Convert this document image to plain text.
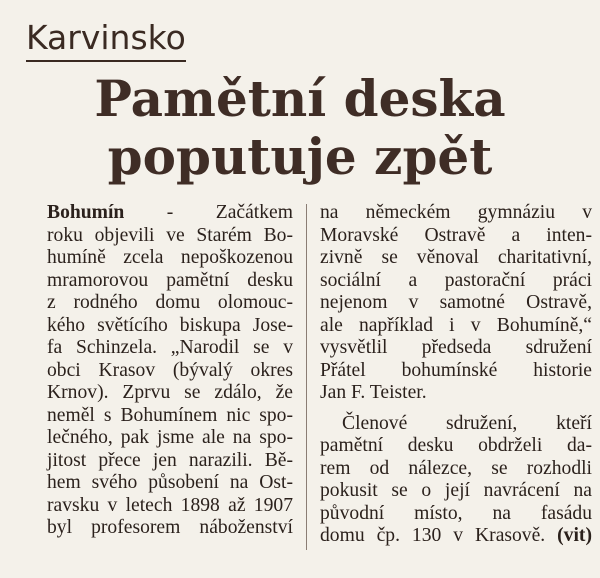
Karvinsko
Pamětní deska
poputuje zpět
Bohumín - Začátkem
roku objevili ve Starém Bo-
humíně zcela nepoškozenou
mramorovou pamětní desku
z rodného domu olomouc-
kého světícího biskupa Jose-
fa Schinzela. „Narodil se v
obci Krasov (bývalý okres
Krnov). Zprvu se zdálo, že
neměl s Bohumínem nic spo-
lečného, pak jsme ale na spo-
jitost přece jen narazili. Bě-
hem svého působení na Ost-
ravsku v letech 1898 až 1907
byl profesorem náboženství
na německém gymnáziu v
Moravské Ostravě a inten-
zivně se věnoval charitativní,
sociální a pastorační práci
nejenom v samotné Ostravě,
ale například i v Bohumíně,“
vysvětlil předseda sdružení
Přátel bohumínské historie
Jan F. Teister.
Členové sdružení, kteří
pamětní desku obdrželi da-
rem od nálezce, se rozhodli
pokusit se o její navrácení na
původní místo, na fasádu
domu čp. 130 v Krasově. (vit)
